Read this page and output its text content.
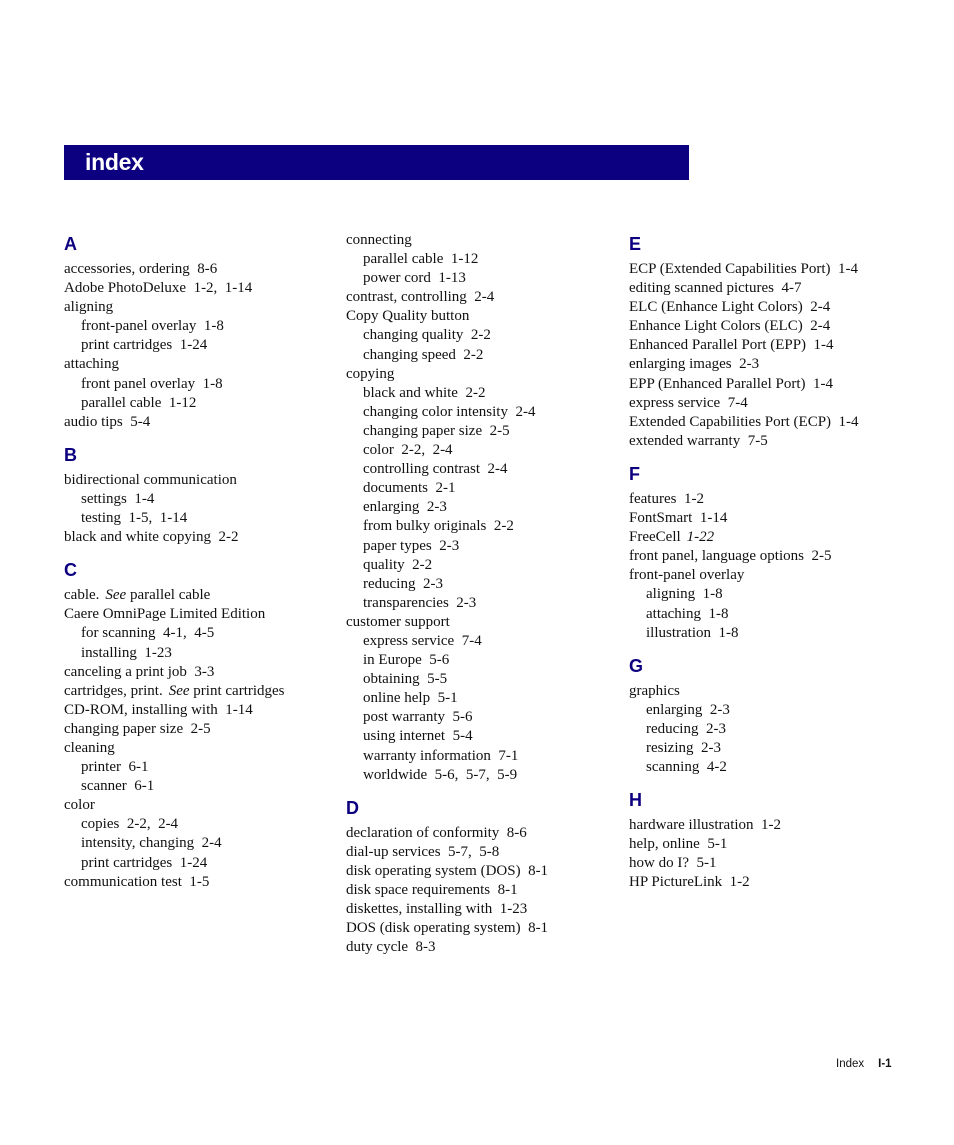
index
A
accessories, ordering  8-6
Adobe PhotoDeluxe  1-2,  1-14
aligning
front-panel overlay  1-8
print cartridges  1-24
attaching
front panel overlay  1-8
parallel cable  1-12
audio tips  5-4
B
bidirectional communication
settings  1-4
testing  1-5,  1-14
black and white copying  2-2
C
cable. See parallel cable
Caere OmniPage Limited Edition
for scanning  4-1,  4-5
installing  1-23
canceling a print job  3-3
cartridges, print. See print cartridges
CD-ROM, installing with  1-14
changing paper size  2-5
cleaning
printer  6-1
scanner  6-1
color
copies  2-2,  2-4
intensity, changing  2-4
print cartridges  1-24
communication test  1-5
connecting
parallel cable  1-12
power cord  1-13
contrast, controlling  2-4
Copy Quality button
changing quality  2-2
changing speed  2-2
copying
black and white  2-2
changing color intensity  2-4
changing paper size  2-5
color  2-2,  2-4
controlling contrast  2-4
documents  2-1
enlarging  2-3
from bulky originals  2-2
paper types  2-3
quality  2-2
reducing  2-3
transparencies  2-3
customer support
express service  7-4
in Europe  5-6
obtaining  5-5
online help  5-1
post warranty  5-6
using internet  5-4
warranty information  7-1
worldwide  5-6,  5-7,  5-9
D
declaration of conformity  8-6
dial-up services  5-7,  5-8
disk operating system (DOS)  8-1
disk space requirements  8-1
diskettes, installing with  1-23
DOS (disk operating system)  8-1
duty cycle  8-3
E
ECP (Extended Capabilities Port)  1-4
editing scanned pictures  4-7
ELC (Enhance Light Colors)  2-4
Enhance Light Colors (ELC)  2-4
Enhanced Parallel Port (EPP)  1-4
enlarging images  2-3
EPP (Enhanced Parallel Port)  1-4
express service  7-4
Extended Capabilities Port (ECP)  1-4
extended warranty  7-5
F
features  1-2
FontSmart  1-14
FreeCell 1-22
front panel, language options  2-5
front-panel overlay
aligning  1-8
attaching  1-8
illustration  1-8
G
graphics
enlarging  2-3
reducing  2-3
resizing  2-3
scanning  4-2
H
hardware illustration  1-2
help, online  5-1
how do I?  5-1
HP PictureLink  1-2
Index I-1
